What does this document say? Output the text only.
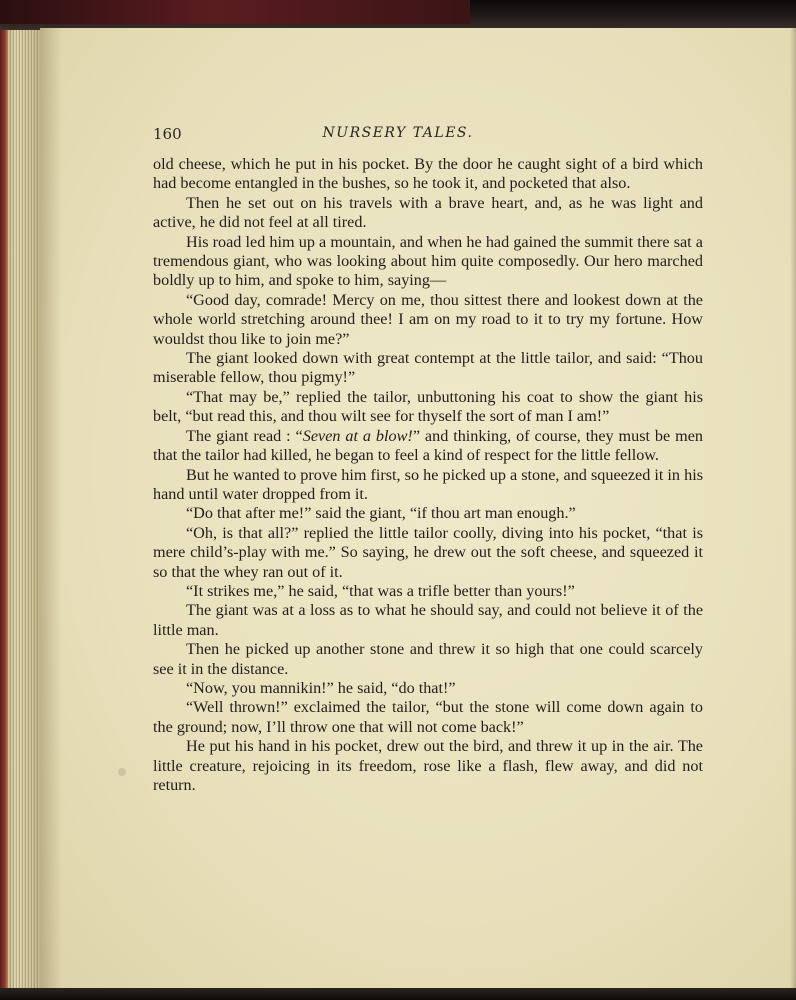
160	NURSERY TALES.

old cheese, which he put in his pocket. By the door he caught sight of a bird which had become entangled in the bushes, so he took it, and pocketed that also.

Then he set out on his travels with a brave heart, and, as he was light and active, he did not feel at all tired.

His road led him up a mountain, and when he had gained the summit there sat a tremendous giant, who was looking about him quite composedly. Our hero marched boldly up to him, and spoke to him, saying—

“Good day, comrade! Mercy on me, thou sittest there and lookest down at the whole world stretching around thee! I am on my road to it to try my fortune. How wouldst thou like to join me?”

The giant looked down with great contempt at the little tailor, and said: “Thou miserable fellow, thou pigmy!”

“That may be,” replied the tailor, unbuttoning his coat to show the giant his belt, “but read this, and thou wilt see for thyself the sort of man I am!”

The giant read : “Seven at a blow!” and thinking, of course, they must be men that the tailor had killed, he began to feel a kind of respect for the little fellow.

But he wanted to prove him first, so he picked up a stone, and squeezed it in his hand until water dropped from it.

“Do that after me!” said the giant, “if thou art man enough.”

“Oh, is that all?” replied the little tailor coolly, diving into his pocket, “that is mere child’s-play with me.” So saying, he drew out the soft cheese, and squeezed it so that the whey ran out of it.

“It strikes me,” he said, “that was a trifle better than yours!”

The giant was at a loss as to what he should say, and could not believe it of the little man.

Then he picked up another stone and threw it so high that one could scarcely see it in the distance.

“Now, you mannikin!” he said, “do that!”

“Well thrown!” exclaimed the tailor, “but the stone will come down again to the ground; now, I’ll throw one that will not come back!”

He put his hand in his pocket, drew out the bird, and threw it up in the air. The little creature, rejoicing in its freedom, rose like a flash, flew away, and did not return.
